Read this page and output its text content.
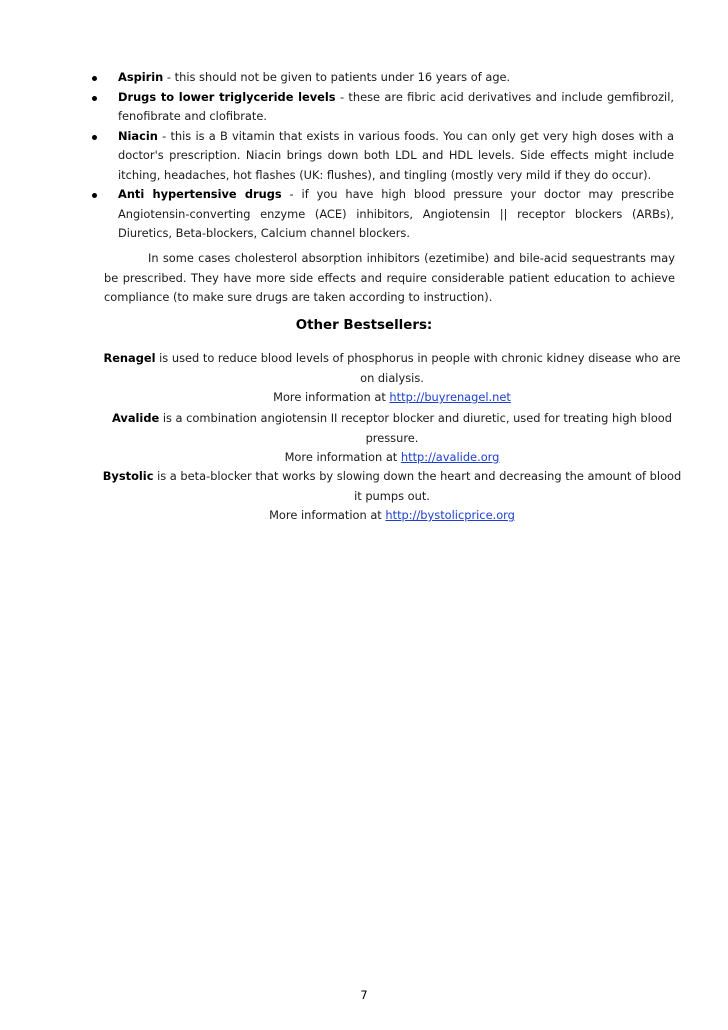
Aspirin - this should not be given to patients under 16 years of age.
Drugs to lower triglyceride levels - these are fibric acid derivatives and include gemfibrozil, fenofibrate and clofibrate.
Niacin - this is a B vitamin that exists in various foods. You can only get very high doses with a doctor's prescription. Niacin brings down both LDL and HDL levels. Side effects might include itching, headaches, hot flashes (UK: flushes), and tingling (mostly very mild if they do occur).
Anti hypertensive drugs - if you have high blood pressure your doctor may prescribe Angiotensin-converting enzyme (ACE) inhibitors, Angiotensin || receptor blockers (ARBs), Diuretics, Beta-blockers, Calcium channel blockers.

In some cases cholesterol absorption inhibitors (ezetimibe) and bile-acid sequestrants may be prescribed. They have more side effects and require considerable patient education to achieve compliance (to make sure drugs are taken according to instruction).

Other Bestsellers:

Renagel is used to reduce blood levels of phosphorus in people with chronic kidney disease who are on dialysis.
More information at http://buyrenagel.net

Avalide is a combination angiotensin II receptor blocker and diuretic, used for treating high blood pressure.
More information at http://avalide.org

Bystolic is a beta-blocker that works by slowing down the heart and decreasing the amount of blood it pumps out.
More information at http://bystolicprice.org

7
